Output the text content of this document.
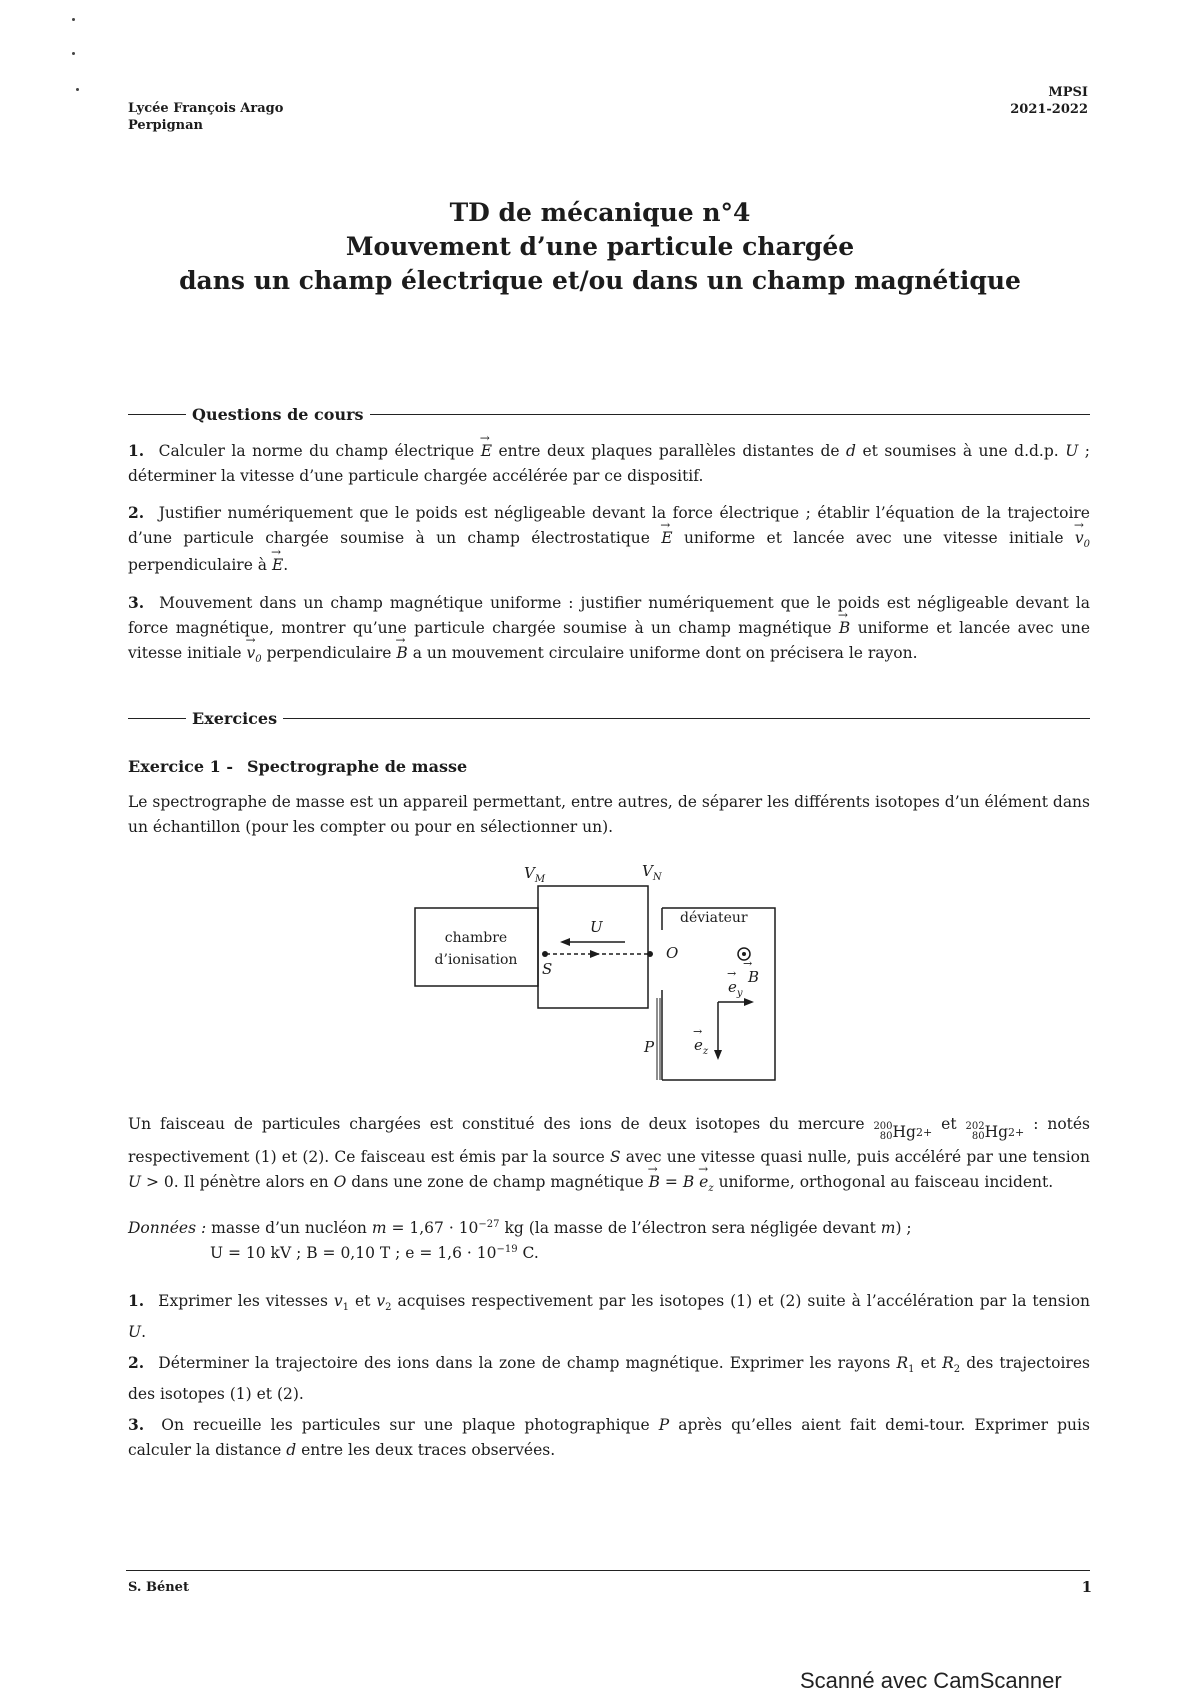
Lycée François Arago
Perpignan
MPSI
2021-2022
TD de mécanique n°4
Mouvement d’une particule chargée
dans un champ électrique et/ou dans un champ magnétique
Questions de cours
1. Calculer la norme du champ électrique → E entre deux plaques parallèles distantes de d et soumises à une d.d.p. U ; déterminer la vitesse d’une particule chargée accélérée par ce dispositif.
2. Justifier numériquement que le poids est négligeable devant la force électrique ; établir l’équation de la trajectoire d’une particule chargée soumise à un champ électrostatique → E uniforme et lancée avec une vitesse initiale → $v_0$ perpendiculaire à → E.
3. Mouvement dans un champ magnétique uniforme : justifier numériquement que le poids est négligeable devant la force magnétique, montrer qu’une particule chargée soumise à un champ magnétique → B uniforme et lancée avec une vitesse initiale → $v_0$ perpendiculaire → B a un mouvement circulaire uniforme dont on précisera le rayon.
Exercices
Exercice 1 - Spectrographe de masse
Le spectrographe de masse est un appareil permettant, entre autres, de séparer les différents isotopes d’un élément dans un échantillon (pour les compter ou pour en sélectionner un).
$V_M$	$V_N$
U
S
O
P
B
→
$e_y$
→
$e_z$
→
chambre
d’ionisation
déviateur
Un faisceau de particules chargées est constitué des ions de deux isotopes du mercure 200
80 Hg 2+ et 202
80 Hg 2+ : notés respectivement (1) et (2). Ce faisceau est émis par la source S avec une vitesse quasi nulle, puis accéléré par une tension U > 0. Il pénètre alors en O dans une zone de champ magnétique → $B = B \to e_z$ uniforme, orthogonal au faisceau incident.
Données : masse d’un nucléon $m = 1,67 \cdot 10^{-27}$ kg (la masse de l’électron sera négligée devant m) ;
U = 10 kV ; B = 0,10 T ; $e = 1,6 \cdot 10^{-19}$ C.
1. Exprimer les vitesses $v_1$ et $v_2$ acquises respectivement par les isotopes (1) et (2) suite à l’accélération par la tension U.
2. Déterminer la trajectoire des ions dans la zone de champ magnétique. Exprimer les rayons $R_1$ et $R_2$ des trajectoires des isotopes (1) et (2).
3. On recueille les particules sur une plaque photographique P après qu’elles aient fait demi-tour. Exprimer puis calculer la distance d entre les deux traces observées.
S. Bénet	1
Scanné avec CamScanner
